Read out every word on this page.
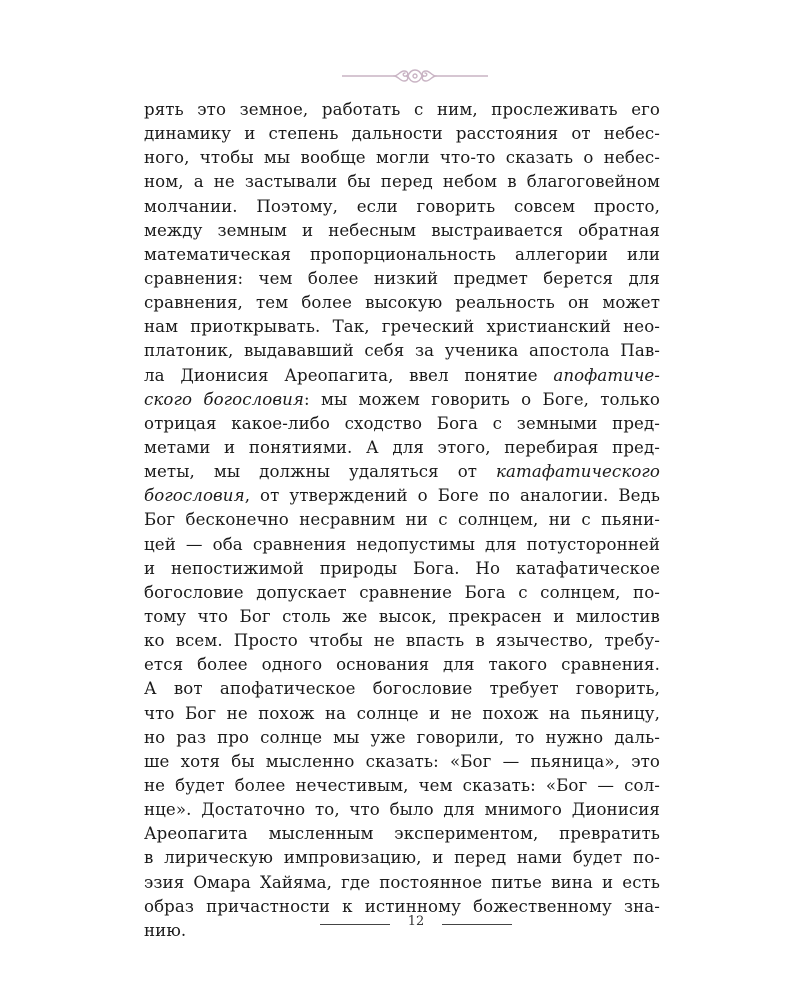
рять это земное, работать с ним, прослеживать его
динамику и степень дальности расстояния от небес-
ного, чтобы мы вообще могли что-то сказать о небес-
ном, а не застывали бы перед небом в благоговейном
молчании. Поэтому, если говорить совсем просто,
между земным и небесным выстраивается обратная
математическая пропорциональность аллегории или
сравнения: чем более низкий предмет берется для
сравнения, тем более высокую реальность он может
нам приоткрывать. Так, греческий христианский нео-
платоник, выдававший себя за ученика апостола Пав-
ла Дионисия Ареопагита, ввел понятие апофатиче-
ского богословия: мы можем говорить о Боге, только
отрицая какое-либо сходство Бога с земными пред-
метами и понятиями. А для этого, перебирая пред-
меты, мы должны удаляться от катафатического
богословия, от утверждений о Боге по аналогии. Ведь
Бог бесконечно несравним ни с солнцем, ни с пьяни-
цей — оба сравнения недопустимы для потусторонней
и непостижимой природы Бога. Но катафатическое
богословие допускает сравнение Бога с солнцем, по-
тому что Бог столь же высок, прекрасен и милостив
ко всем. Просто чтобы не впасть в язычество, требу-
ется более одного основания для такого сравнения.
А вот апофатическое богословие требует говорить,
что Бог не похож на солнце и не похож на пьяницу,
но раз про солнце мы уже говорили, то нужно даль-
ше хотя бы мысленно сказать: «Бог — пьяница», это
не будет более нечестивым, чем сказать: «Бог — сол-
нце». Достаточно то, что было для мнимого Дионисия
Ареопагита мысленным экспериментом, превратить
в лирическую импровизацию, и перед нами будет по-
эзия Омара Хайяма, где постоянное питье вина и есть
образ причастности к истинному божественному зна-
нию.	12
